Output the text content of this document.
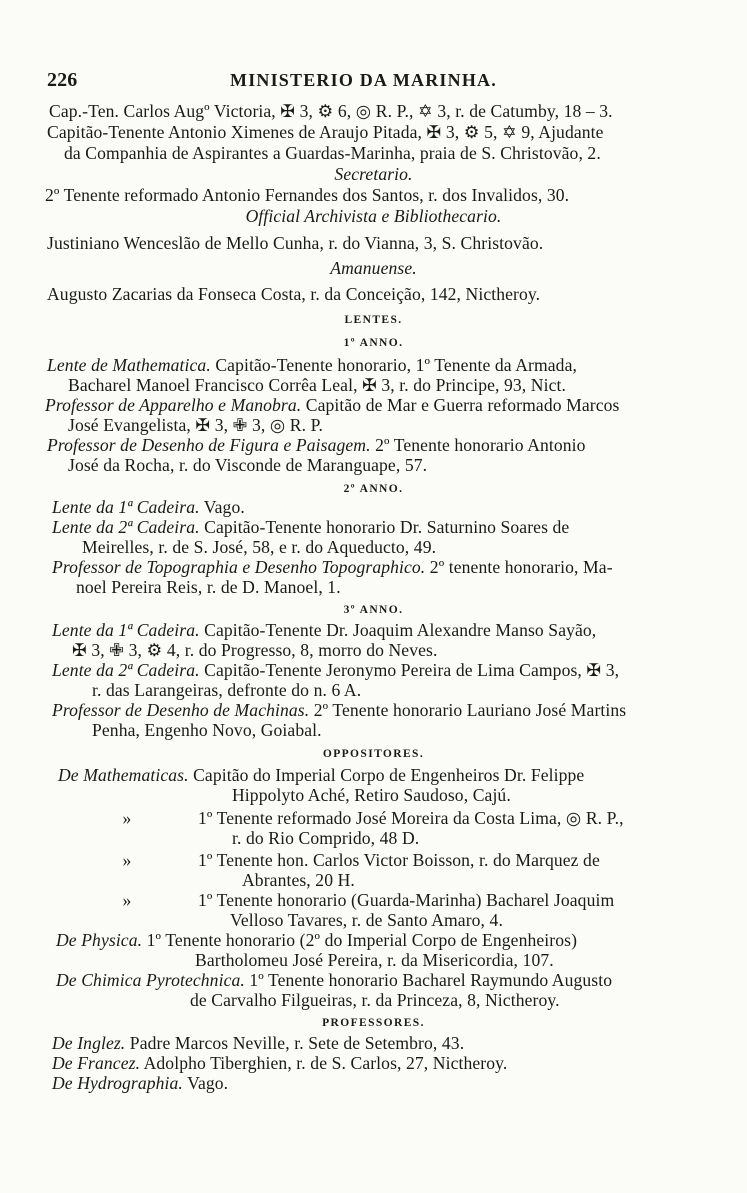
226	MINISTERIO DA MARINHA.
Cap.-Ten. Carlos Augº Victoria, ✠ 3, ⚙ 6, ◎ R. P., ✡ 3, r. de Catumby, 18 – 3.
Capitão-Tenente Antonio Ximenes de Araujo Pitada, ✠ 3, ⚙ 5, ✡ 9, Ajudante
da Companhia de Aspirantes a Guardas-Marinha, praia de S. Christovão, 2.
Secretario.
2º Tenente reformado Antonio Fernandes dos Santos, r. dos Invalidos, 30.
Official Archivista e Bibliothecario.
Justiniano Wenceslão de Mello Cunha, r. do Vianna, 3, S. Christovão.
Amanuense.
Augusto Zacarias da Fonseca Costa, r. da Conceição, 142, Nictheroy.
LENTES.
1º ANNO.
Lente de Mathematica. Capitão-Tenente honorario, 1º Tenente da Armada,
Bacharel Manoel Francisco Corrêa Leal, ✠ 3, r. do Principe, 93, Nict.
Professor de Apparelho e Manobra. Capitão de Mar e Guerra reformado Marcos
José Evangelista, ✠ 3, ✙ 3, ◎ R. P.
Professor de Desenho de Figura e Paisagem. 2º Tenente honorario Antonio
José da Rocha, r. do Visconde de Maranguape, 57.
2º ANNO.
Lente da 1ª Cadeira. Vago.
Lente da 2ª Cadeira. Capitão-Tenente honorario Dr. Saturnino Soares de
Meirelles, r. de S. José, 58, e r. do Aqueducto, 49.
Professor de Topographia e Desenho Topographico. 2º tenente honorario, Ma-
noel Pereira Reis, r. de D. Manoel, 1.
3º ANNO.
Lente da 1ª Cadeira. Capitão-Tenente Dr. Joaquim Alexandre Manso Sayão,
✠ 3, ✙ 3, ⚙ 4, r. do Progresso, 8, morro do Neves.
Lente da 2ª Cadeira. Capitão-Tenente Jeronymo Pereira de Lima Campos, ✠ 3,
r. das Larangeiras, defronte do n. 6 A.
Professor de Desenho de Machinas. 2º Tenente honorario Lauriano José Martins
Penha, Engenho Novo, Goiabal.
OPPOSITORES.
De Mathematicas. Capitão do Imperial Corpo de Engenheiros Dr. Felippe
Hippolyto Aché, Retiro Saudoso, Cajú.
»	1º Tenente reformado José Moreira da Costa Lima, ◎ R. P.,
r. do Rio Comprido, 48 D.
»	1º Tenente hon. Carlos Victor Boisson, r. do Marquez de
Abrantes, 20 H.
»	1º Tenente honorario (Guarda-Marinha) Bacharel Joaquim
Velloso Tavares, r. de Santo Amaro, 4.
De Physica. 1º Tenente honorario (2º do Imperial Corpo de Engenheiros)
Bartholomeu José Pereira, r. da Misericordia, 107.
De Chimica Pyrotechnica. 1º Tenente honorario Bacharel Raymundo Augusto
de Carvalho Filgueiras, r. da Princeza, 8, Nictheroy.
PROFESSORES.
De Inglez. Padre Marcos Neville, r. Sete de Setembro, 43.
De Francez. Adolpho Tiberghien, r. de S. Carlos, 27, Nictheroy.
De Hydrographia. Vago.
